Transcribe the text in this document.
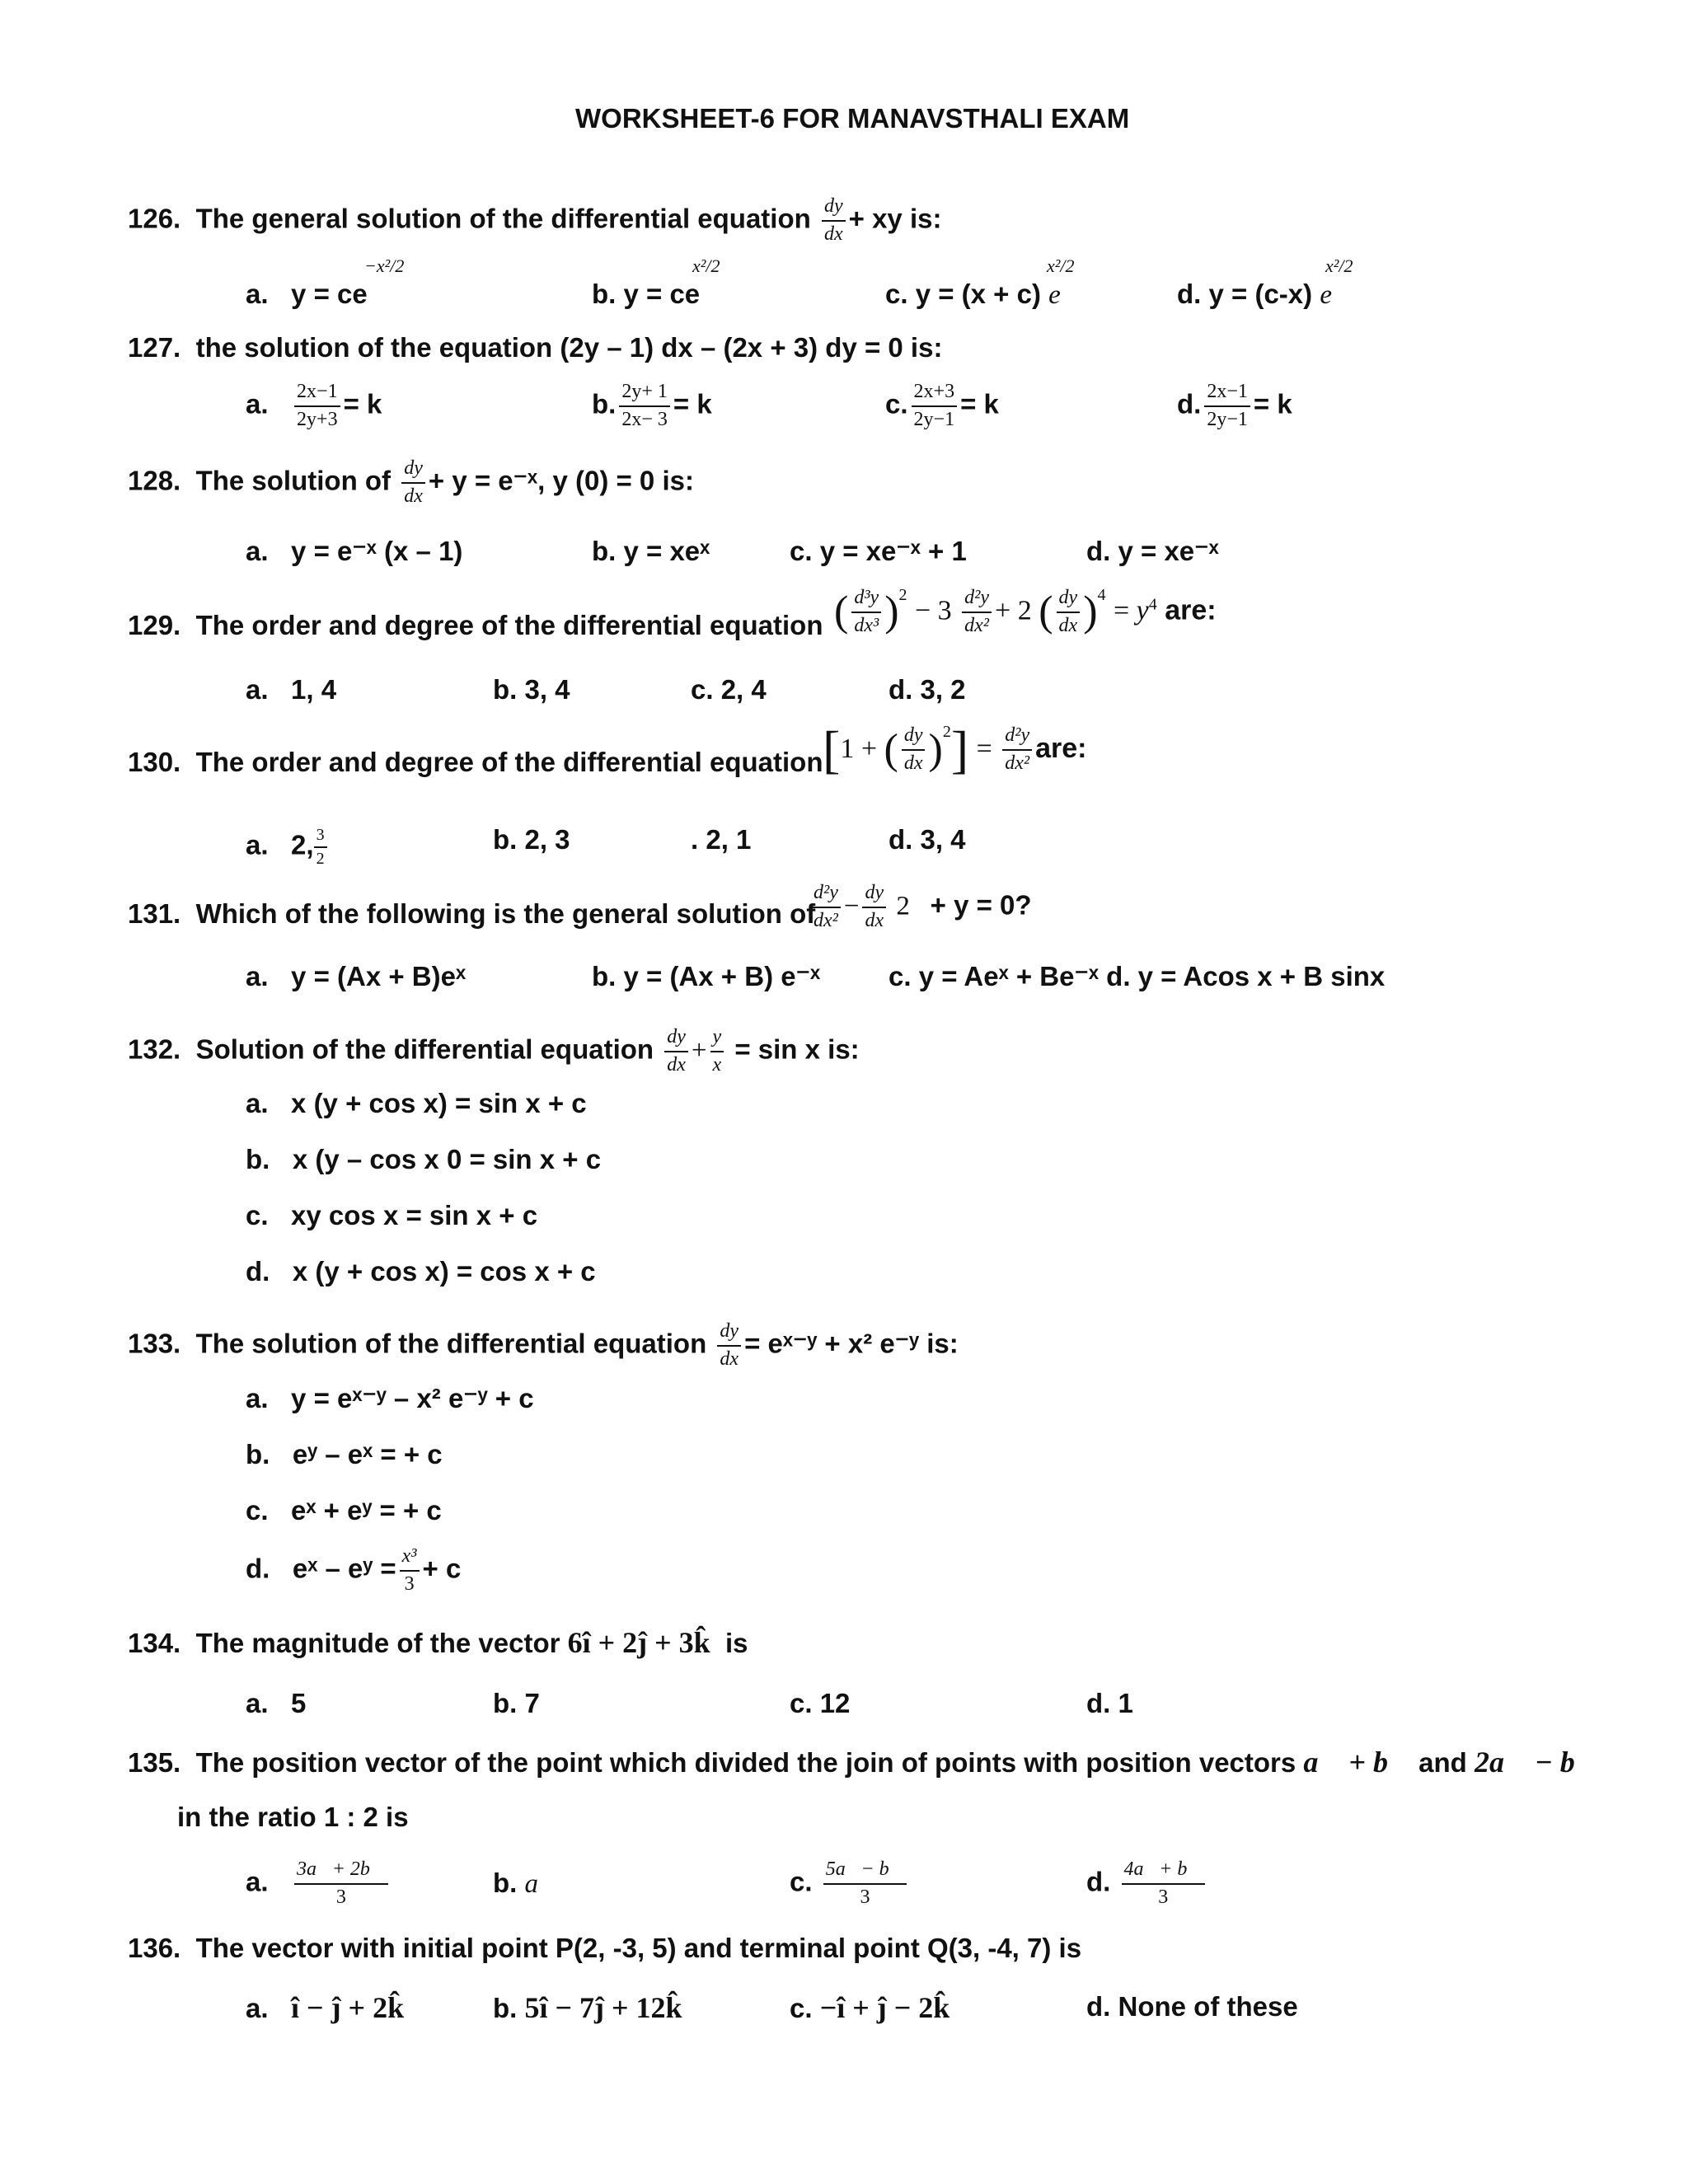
WORKSHEET-6 FOR MANAVSTHALI EXAM
126. The general solution of the differential equation $\frac{dy}{dx}$ + xy is:
a. y = ce
−x²/2
b. y = ce
x²/2
c. y = (x + c) e
x²/2
d. y = (c-x) e
x²/2
127. the solution of the equation (2y – 1) dx – (2x + 3) dy = 0 is:
a. $\frac{2x-1}{2y+3} = k$	b. $\frac{2y+ 1}{2x- 3} = k$	c. $\frac{2x+3}{2y-1} = k$	d. $\frac{2x-1}{2y-1} = k$
128. The solution of $\frac{dy}{dx} + y$ = e⁻ˣ, y (0) = 0 is:
a. y = e⁻ˣ (x – 1)	b. y = xeˣ	c. y = xe⁻ˣ + 1	d. y = xe⁻ˣ
129. The order and degree of the differential equation ( $\frac{\text{d³y}}{\text{dx³}} )^2 - 3 \frac{\text{d²y}}{\text{dx²}} + 2$ ( $\frac{dy}{dx} )^4 = y^4$ are:
a. 1, 4	b. 3, 4	c. 2, 4	d. 3, 2
130. The order and degree of the differential equation [1 + ( $\frac{dy}{dx} )^2] = \frac{\text{d²y}}{\text{dx²}}$ are:
a. 2, $\frac{3}{2}$	b. 2, 3	. 2, 1	d. 3, 4
131. Which of the following is the general solution of
$\frac{\text{d²y}}{\text{dx²}} - \frac{dy}{dx} 2 + y = 0$?
a. y = (Ax + B)eˣ	b. y = (Ax + B) e⁻ˣ	c. y = Aeˣ + Be⁻ˣ d. y = Acos x + B sinx
132. Solution of the differential equation $\frac{dy}{dx} + \frac{y}{x} = \sin x$ is:
a. x (y + cos x) = sin x + c
b. x (y – cos x 0 = sin x + c
c. xy cos x = sin x + c
d. x (y + cos x) = cos x + c
133. The solution of the differential equation $\frac{dy}{dx}$ = eˣ⁻ʸ + x² e⁻ʸ is:
a. y = eˣ⁻ʸ – x² e⁻ʸ + c
b. eʸ – eˣ = + c
c. eˣ + eʸ = + c
d. eˣ – eʸ = $\frac{\text{x³}}{3} + c$
134. The magnitude of the vector 6î + 2ĵ + 3k̂ is
a. 5	b. 7	c. 12	d. 1
135. The position vector of the point which divided the join of points with position vectors a⃗ + b⃗ and 2a⃗ − b⃗
in the ratio 1 : 2 is
a. $\frac{3a⃗+ 2b⃗}{3}$	b. a⃗	c. $\frac{5a⃗- b⃗}{3}$	d. $\frac{4a⃗+ b⃗}{3}$
136. The vector with initial point P(2, -3, 5) and terminal point Q(3, -4, 7) is
a. î − ĵ + 2k̂	b. 5î − 7ĵ + 12k̂	c. −î + ĵ − 2k̂	d. None of these
